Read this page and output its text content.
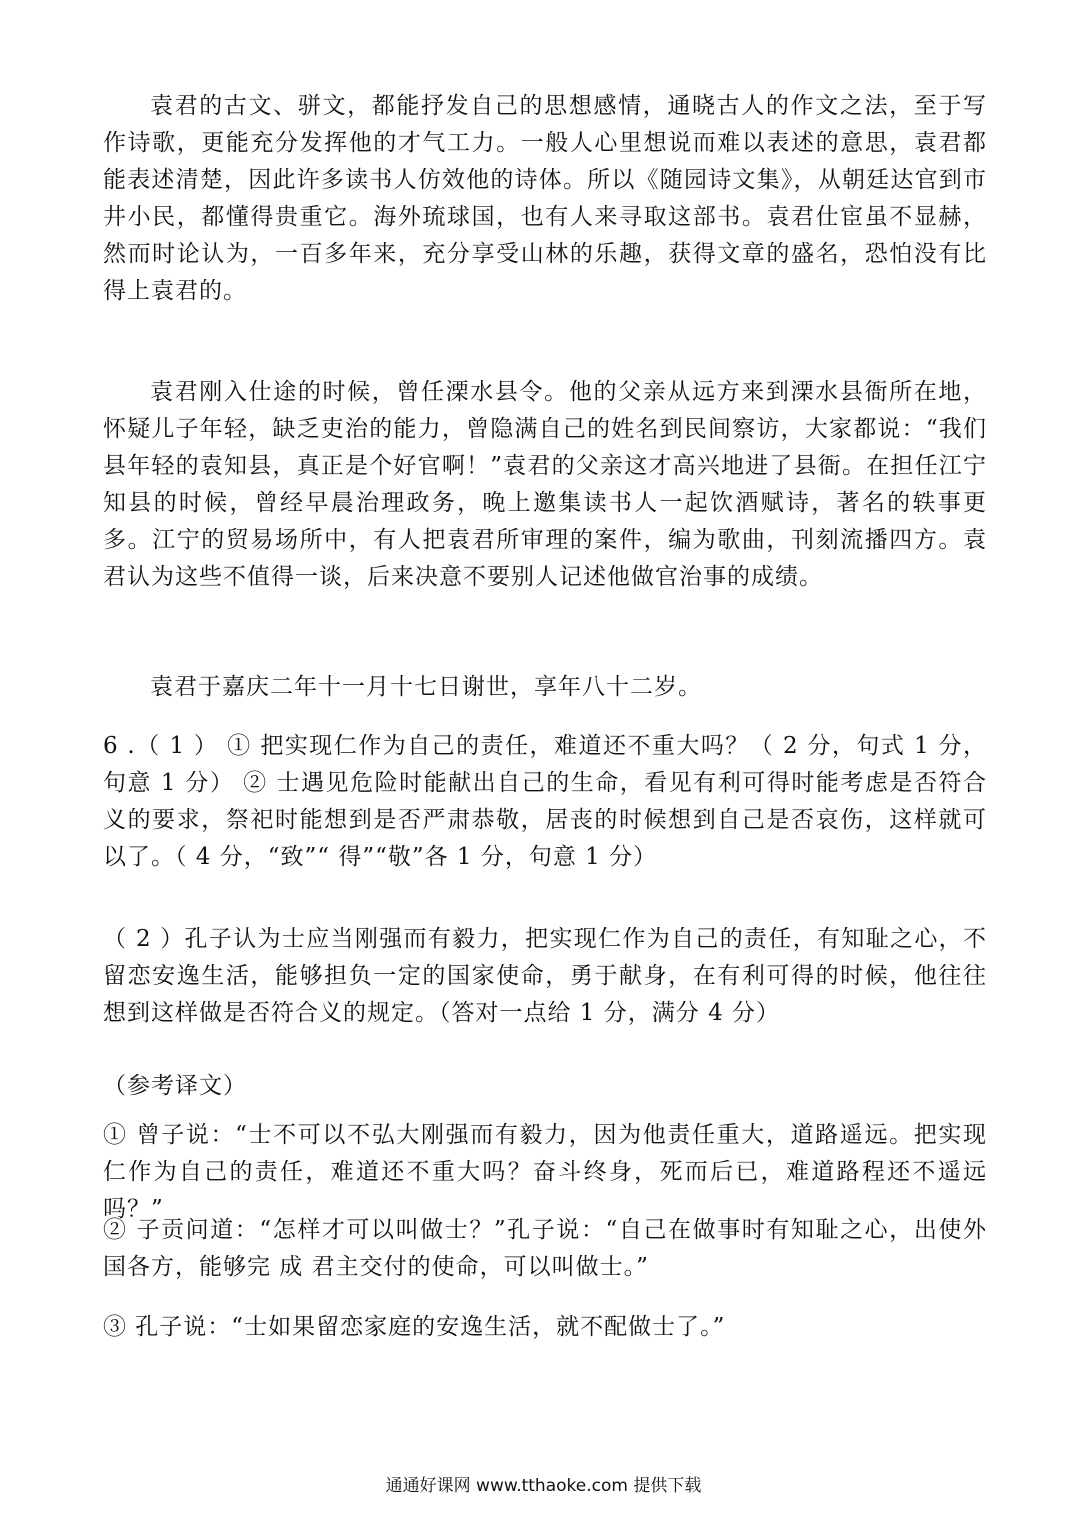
袁君的古文、骈文，都能抒发自己的思想感情，通晓古人的作文之法，至于写作诗歌，更能充分发挥他的才气工力。一般人心里想说而难以表述的意思，袁君都能表述清楚，因此许多读书人仿效他的诗体。所以《随园诗文集》，从朝廷达官到市井小民，都懂得贵重它。海外琉球国，也有人来寻取这部书。袁君仕宦虽不显赫，然而时论认为，一百多年来，充分享受山林的乐趣，获得文章的盛名，恐怕没有比得上袁君的。

袁君刚入仕途的时候，曾任溧水县令。他的父亲从远方来到溧水县衙所在地，怀疑儿子年轻，缺乏吏治的能力，曾隐满自己的姓名到民间察访，大家都说：“我们县年轻的袁知县，真正是个好官啊！”袁君的父亲这才高兴地进了县衙。在担任江宁知县的时候，曾经早晨治理政务，晚上邀集读书人一起饮酒赋诗，著名的轶事更多。江宁的贸易场所中，有人把袁君所审理的案件，编为歌曲，刊刻流播四方。袁君认为这些不值得一谈，后来决意不要别人记述他做官治事的成绩。

袁君于嘉庆二年十一月十七日谢世，享年八十二岁。

6 .（ 1 ） ① 把实现仁作为自己的责任，难道还不重大吗？（ 2 分，句式 1 分，句意 1 分） ② 士遇见危险时能献出自己的生命，看见有利可得时能考虑是否符合义的要求，祭祀时能想到是否严肃恭敬，居丧的时候想到自己是否哀伤，这样就可以了。（ 4 分，“致”“ 得”“敬”各 1 分，句意 1 分）

（ 2 ）孔子认为士应当刚强而有毅力，把实现仁作为自己的责任，有知耻之心，不留恋安逸生活，能够担负一定的国家使命，勇于献身，在有利可得的时候，他往往想到这样做是否符合义的规定。（答对一点给 1 分，满分 4 分）

（参考译文）

① 曾子说：“士不可以不弘大刚强而有毅力，因为他责任重大，道路遥远。把实现仁作为自己的责任，难道还不重大吗？奋斗终身，死而后已，难道路程还不遥远吗？”

② 子贡问道：“怎样才可以叫做士？”孔子说：“自己在做事时有知耻之心，出使外国各方，能够完 成 君主交付的使命，可以叫做士。”

③ 孔子说：“士如果留恋家庭的安逸生活，就不配做士了。”

通通好课网 www.tthaoke.com 提供下载
